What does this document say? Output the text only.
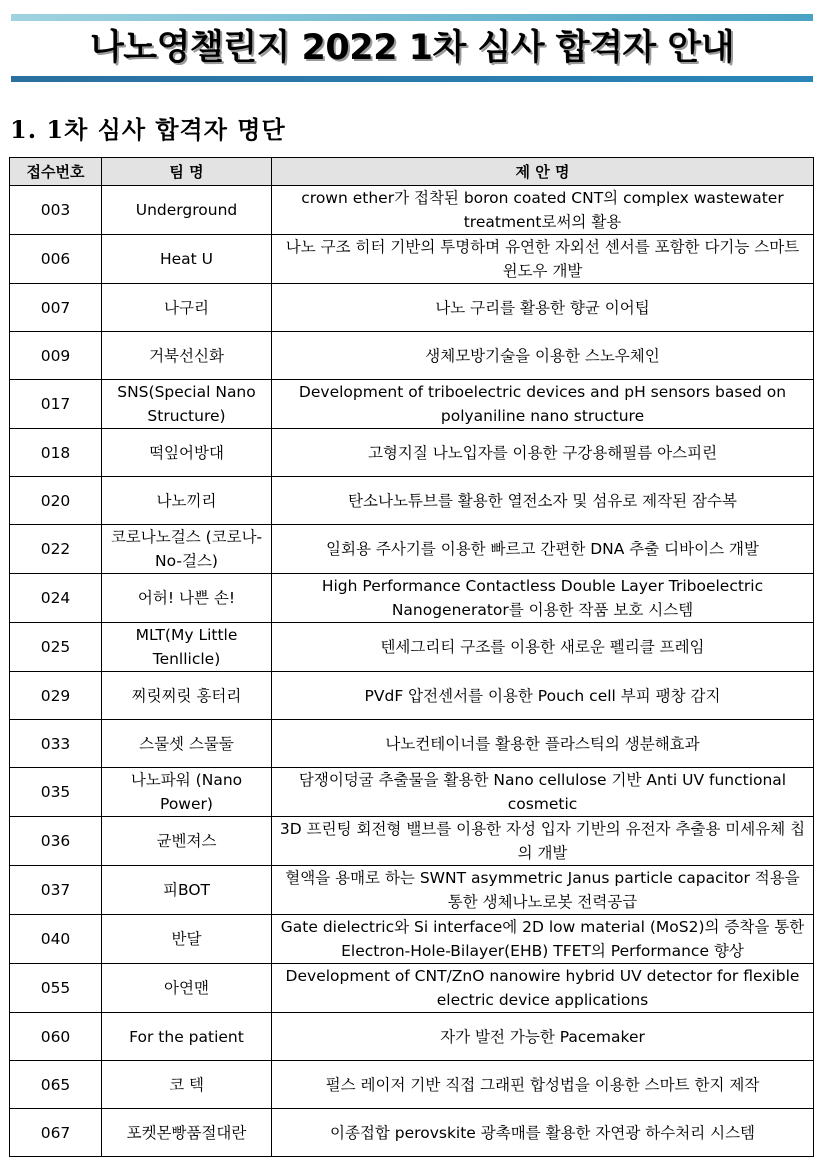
나노영챌린지 2022 1차 심사 합격자 안내
1. 1차 심사 합격자 명단
접수번호	팀 명	제 안 명
003	Underground	crown ether가 접착된 boron coated CNT의 complex wastewater treatment로써의 활용
006	Heat U	나노 구조 히터 기반의 투명하며 유연한 자외선 센서를 포함한 다기능 스마트 윈도우 개발
007	나구리	나노 구리를 활용한 향균 이어팁
009	거북선신화	생체모방기술을 이용한 스노우체인
017	SNS(Special Nano Structure)	Development of triboelectric devices and pH sensors based on polyaniline nano structure
018	떡잎어방대	고형지질 나노입자를 이용한 구강용해필름 아스피린
020	나노끼리	탄소나노튜브를 활용한 열전소자 및 섬유로 제작된 잠수복
022	코로나노걸스 (코로나-No-걸스)	일회용 주사기를 이용한 빠르고 간편한 DNA 추출 디바이스 개발
024	어허! 나쁜 손!	High Performance Contactless Double Layer Triboelectric Nanogenerator를 이용한 작품 보호 시스템
025	MLT(My Little Tenllicle)	텐세그리티 구조를 이용한 새로운 펠리클 프레임
029	찌릿찌릿 홍터리	PVdF 압전센서를 이용한 Pouch cell 부피 팽창 감지
033	스물셋 스물둘	나노컨테이너를 활용한 플라스틱의 생분해효과
035	나노파워 (Nano Power)	담쟁이덩굴 추출물을 활용한 Nano cellulose 기반 Anti UV functional cosmetic
036	균벤져스	3D 프린팅 회전형 밸브를 이용한 자성 입자 기반의 유전자 추출용 미세유체 칩의 개발
037	피BOT	혈액을 용매로 하는 SWNT asymmetric Janus particle capacitor 적용을 통한 생체나노로봇 전력공급
040	반달	Gate dielectric와 Si interface에 2D low material (MoS2)의 증착을 통한 Electron-Hole-Bilayer(EHB) TFET의 Performance 향상
055	아연맨	Development of CNT/ZnO nanowire hybrid UV detector for flexible electric device applications
060	For the patient	자가 발전 가능한 Pacemaker
065	코 텍	펄스 레이저 기반 직접 그래핀 합성법을 이용한 스마트 한지 제작
067	포켓몬빵품절대란	이종접합 perovskite 광촉매를 활용한 자연광 하수처리 시스템
